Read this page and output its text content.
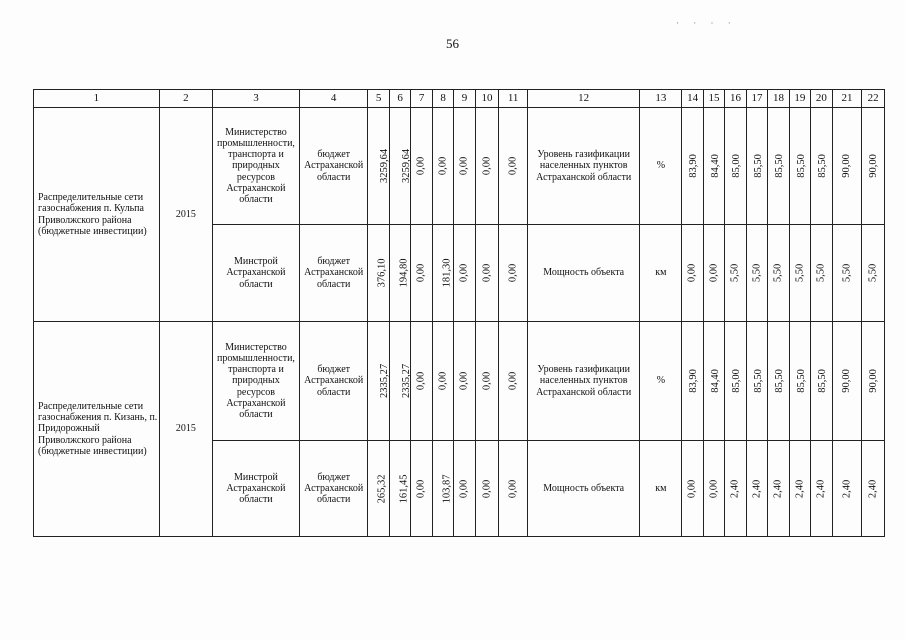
56
· · · ·
1	2	3	4	5	6	7	8	9	10	11	12	13	14	15	16	17	18	19	20	21	22
Распределительные сети газоснабжения п. Кульпа Приволжского района (бюджетные инвестиции)	2015	Министерство промышленности, транспорта и природных ресурсов Астраханской области	бюджет Астраханской области	3259,64	3259,64	0,00	0,00	0,00	0,00	0,00	Уровень газификации населенных пунктов Астраханской области	%	83,90	84,40	85,00	85,50	85,50	85,50	85,50	90,00	90,00
		Минстрой Астраханской области	бюджет Астраханской области	376,10	194,80	0,00	181,30	0,00	0,00	0,00	Мощность объекта	км	0,00	0,00	5,50	5,50	5,50	5,50	5,50	5,50	5,50
Распределительные сети газоснабжения п. Кизань, п. Придорожный Приволжского района (бюджетные инвестиции)	2015	Министерство промышленности, транспорта и природных ресурсов Астраханской области	бюджет Астраханской области	2335,27	2335,27	0,00	0,00	0,00	0,00	0,00	Уровень газификации населенных пунктов Астраханской области	%	83,90	84,40	85,00	85,50	85,50	85,50	85,50	90,00	90,00
		Минстрой Астраханской области	бюджет Астраханской области	265,32	161,45	0,00	103,87	0,00	0,00	0,00	Мощность объекта	км	0,00	0,00	2,40	2,40	2,40	2,40	2,40	2,40	2,40
